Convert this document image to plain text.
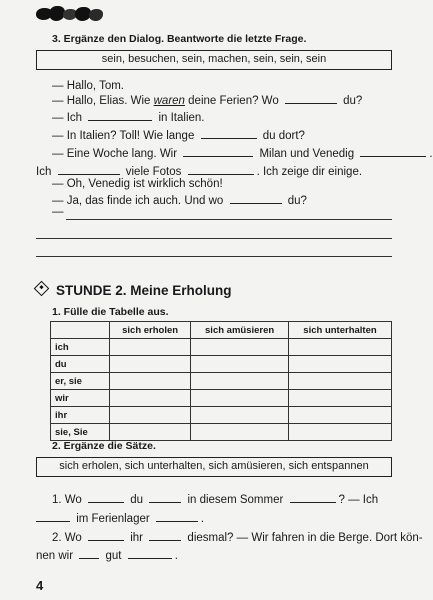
3. Ergänze den Dialog. Beantworte die letzte Frage.
sein, besuchen, sein, machen, sein, sein, sein
— Hallo, Tom.
— Hallo, Elias. Wie waren deine Ferien? Wo	du?
— Ich	in Italien.
— In Italien? Toll! Wie lange	du dort?
— Eine Woche lang. Wir	Milan und Venedig	.
Ich	viele Fotos	. Ich zeige dir einige.
— Oh, Venedig ist wirklich schön!
— Ja, das finde ich auch. Und wo	du?
—
STUNDE 2. Meine Erholung
1. Fülle die Tabelle aus.
	sich erholen	sich amüsieren	sich unterhalten
ich			
du			
er, sie			
wir			
ihr			
sie, Sie			
2. Ergänze die Sätze.
sich erholen, sich unterhalten, sich amüsieren, sich entspannen
1. Wo	du	in diesem Sommer	? — Ich
im Ferienlager	.
2. Wo	ihr	diesmal? — Wir fahren in die Berge. Dort kön-
nen wir	gut	.
4
